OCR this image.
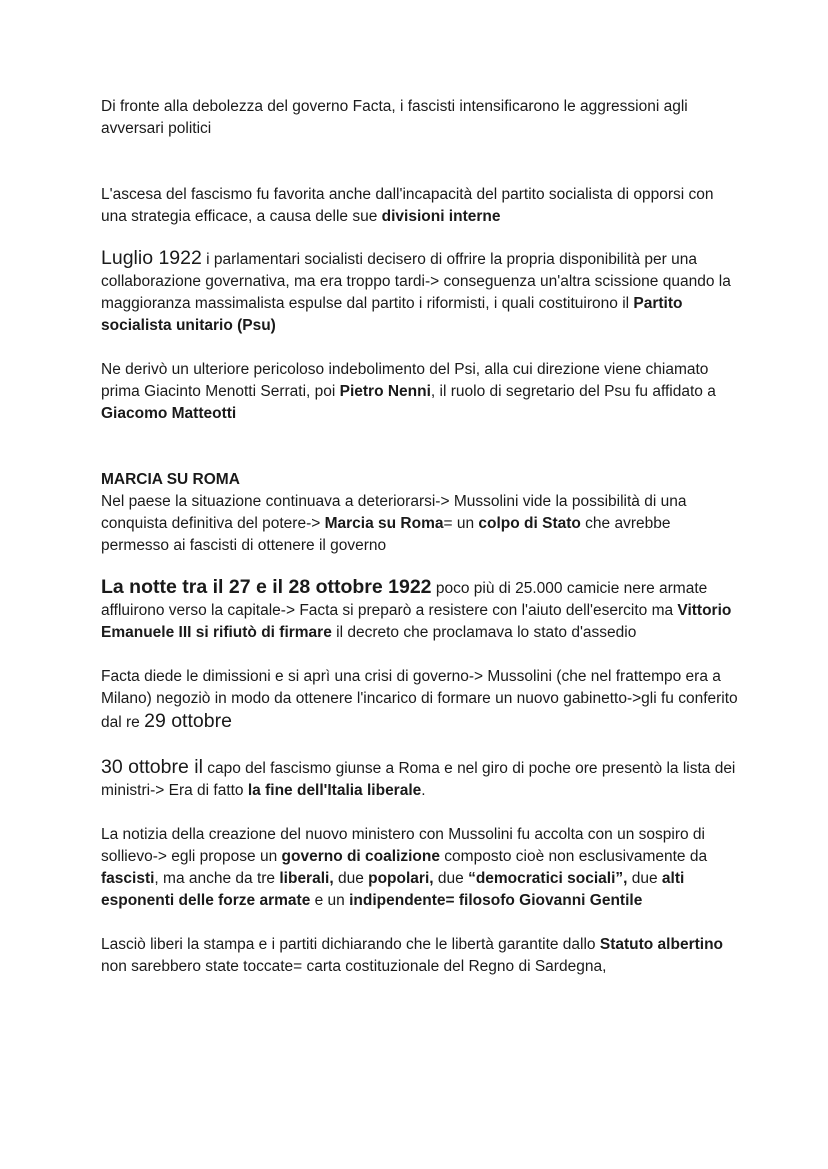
Di fronte alla debolezza del governo Facta, i fascisti intensificarono le aggressioni agli avversari politici

L'ascesa del fascismo fu favorita anche dall'incapacità del partito socialista di opporsi con una strategia efficace, a causa delle sue divisioni interne

Luglio 1922 i parlamentari socialisti decisero di offrire la propria disponibilità per una collaborazione governativa, ma era troppo tardi-> conseguenza un'altra scissione quando la maggioranza massimalista espulse dal partito i riformisti, i quali costituirono il Partito socialista unitario (Psu)

Ne derivò un ulteriore pericoloso indebolimento del Psi, alla cui direzione viene chiamato prima Giacinto Menotti Serrati, poi Pietro Nenni, il ruolo di segretario del Psu fu affidato a Giacomo Matteotti

MARCIA SU ROMA

Nel paese la situazione continuava a deteriorarsi-> Mussolini vide la possibilità di una conquista definitiva del potere-> Marcia su Roma= un colpo di Stato che avrebbe permesso ai fascisti di ottenere il governo

La notte tra il 27 e il 28 ottobre 1922 poco più di 25.000 camicie nere armate affluirono verso la capitale-> Facta si preparò a resistere con l'aiuto dell'esercito ma Vittorio Emanuele III si rifiutò di firmare il decreto che proclamava lo stato d'assedio

Facta diede le dimissioni e si aprì una crisi di governo-> Mussolini (che nel frattempo era a Milano) negoziò in modo da ottenere l'incarico di formare un nuovo gabinetto->gli fu conferito dal re 29 ottobre

30 ottobre il capo del fascismo giunse a Roma e nel giro di poche ore presentò la lista dei ministri-> Era di fatto la fine dell'Italia liberale.

La notizia della creazione del nuovo ministero con Mussolini fu accolta con un sospiro di sollievo-> egli propose un governo di coalizione composto cioè non esclusivamente da fascisti, ma anche da tre liberali, due popolari, due “democratici sociali”, due alti esponenti delle forze armate e un indipendente= filosofo Giovanni Gentile

Lasciò liberi la stampa e i partiti dichiarando che le libertà garantite dallo Statuto albertino non sarebbero state toccate= carta costituzionale del Regno di Sardegna,
